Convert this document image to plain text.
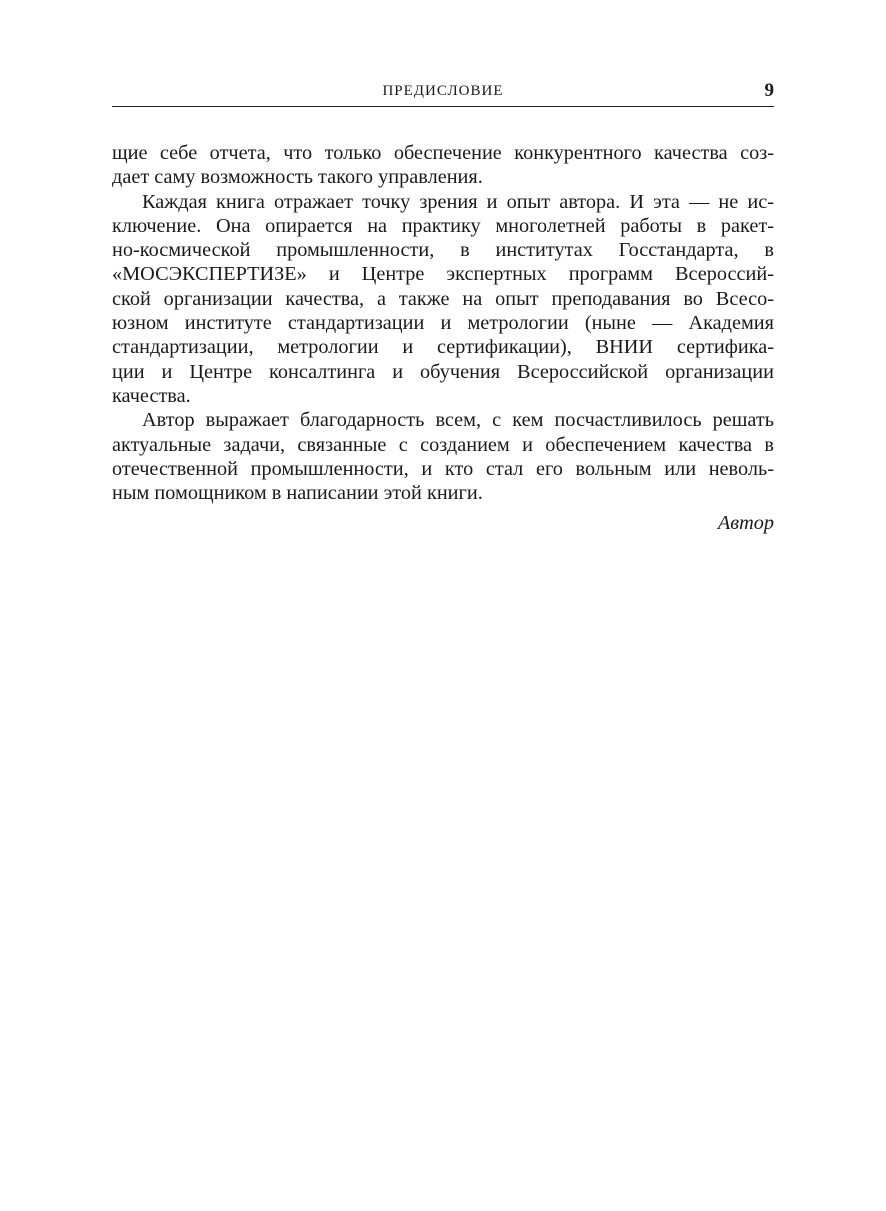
ПРЕДИСЛОВИЕ	9
щие себе отчета, что только обеспечение конкурентного качества соз-
дает саму возможность такого управления.
Каждая книга отражает точку зрения и опыт автора. И эта — не ис-
ключение. Она опирается на практику многолетней работы в ракет-
но-космической промышленности, в институтах Госстандарта, в
«МОСЭКСПЕРТИЗЕ» и Центре экспертных программ Всероссий-
ской организации качества, а также на опыт преподавания во Всесо-
юзном институте стандартизации и метрологии (ныне — Академия
стандартизации, метрологии и сертификации), ВНИИ сертифика-
ции и Центре консалтинга и обучения Всероссийской организации
качества.
Автор выражает благодарность всем, с кем посчастливилось решать
актуальные задачи, связанные с созданием и обеспечением качества в
отечественной промышленности, и кто стал его вольным или неволь-
ным помощником в написании этой книги.
Автор
